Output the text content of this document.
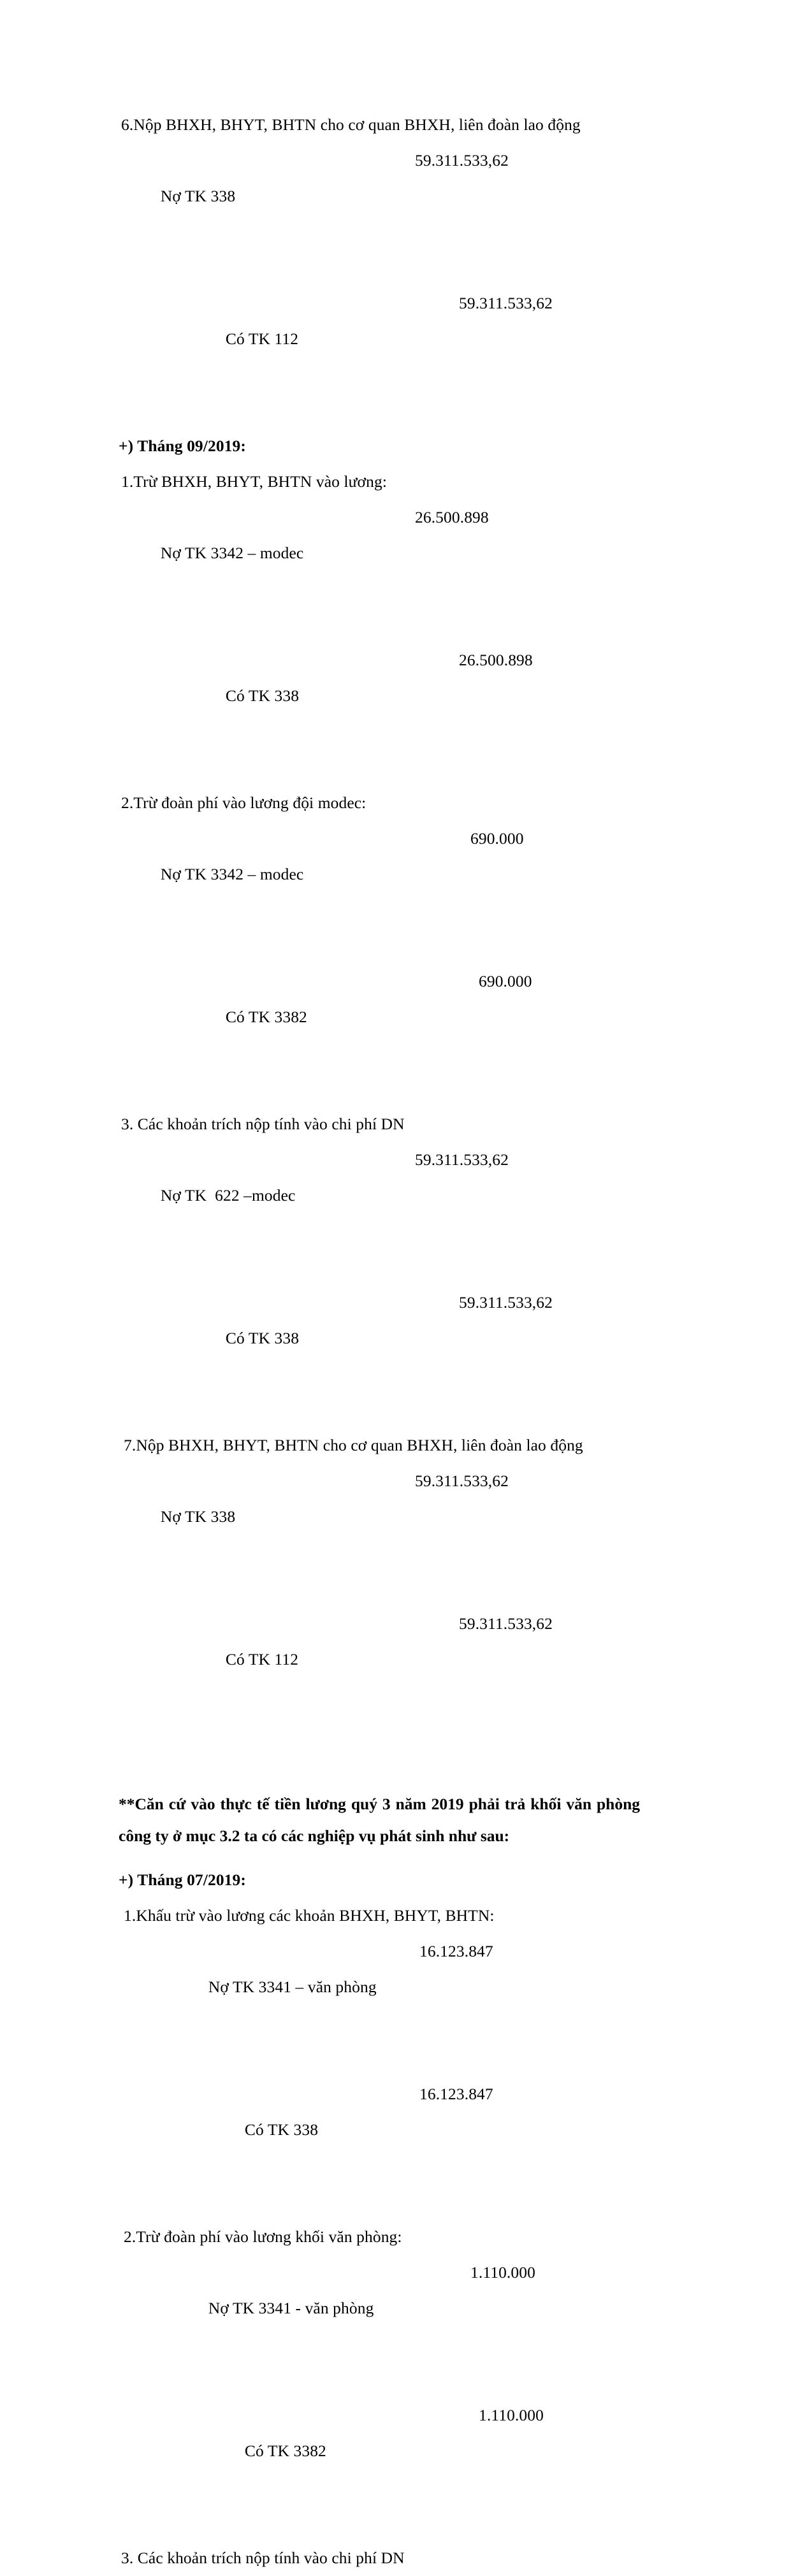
6.Nộp BHXH, BHYT, BHTN cho cơ quan BHXH, liên đoàn lao động

Nợ TK 338

59.311.533,62

Có TK 112

59.311.533,62

+) Tháng 09/2019:
1.Trừ BHXH, BHYT, BHTN vào lương:

Nợ TK 3342 – modec

26.500.898

Có TK 338

26.500.898

2.Trừ đoàn phí vào lương đội modec:

Nợ TK 3342 – modec

690.000

Có TK 3382

690.000

3. Các khoản trích nộp tính vào chi phí DN

Nợ TK  622 –modec

59.311.533,62

Có TK 338

59.311.533,62

7.Nộp BHXH, BHYT, BHTN cho cơ quan BHXH, liên đoàn lao động

Nợ TK 338

59.311.533,62

Có TK 112

59.311.533,62

**Căn cứ vào thực tế tiền lương quý 3 năm 2019 phải trả khối văn phòng công ty ở mục 3.2 ta có các nghiệp vụ phát sinh như sau:
+) Tháng 07/2019:
1.Khấu trừ vào lương các khoản BHXH, BHYT, BHTN:

Nợ TK 3341 – văn phòng

16.123.847

Có TK 338

16.123.847

2.Trừ đoàn phí vào lương khối văn phòng:

Nợ TK 3341 - văn phòng

1.110.000

Có TK 3382

1.110.000

3. Các khoản trích nộp tính vào chi phí DN
